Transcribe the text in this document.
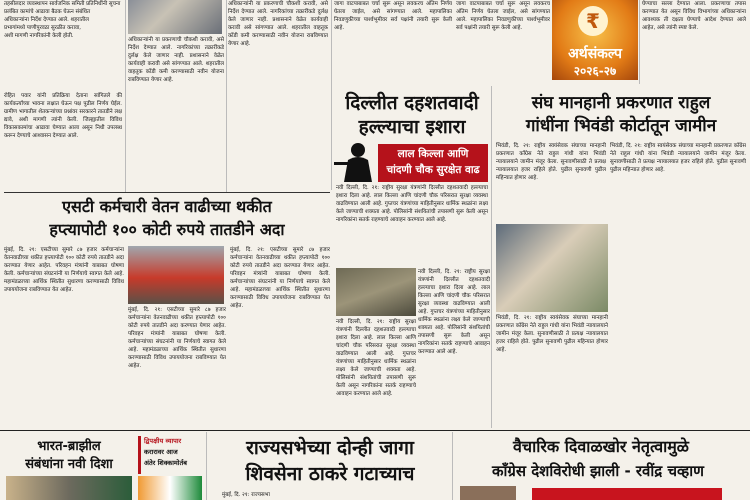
तहसीलदार व्यवस्थापन सार्वजनिक समिती प्रतिनिधींनी सूचना
प्रलंबित कामांचे आढावा बैठक घेऊन संबंधित
अधिकाऱ्यांना निर्देश देण्यात आले. शहरातील
प्रभागांमध्ये पाणीपुरवठा सुरळीत करावा,
अशी मागणी नागरिकांनी केली होती.
रोहित पवार यांनी प्रतिक्रिया देताना सांगितले की कार्यकर्त्यांच्या भावना लक्षात घेऊन पक्ष पुढील निर्णय घेईल. ग्रामीण भागातील शेतकऱ्यांच्या प्रश्नांवर सरकारने तातडीने लक्ष द्यावे, अशी मागणी त्यांनी केली. जिल्ह्यातील विविध विकासकामांचा आढावा घेण्यात आला असून निधी उपलब्ध करून देण्याचे आश्वासन देण्यात आले.
अधिकाऱ्यांनी या प्रकरणाची चौकशी करावी, असे निर्देश देण्यात आले. नागरिकांच्या तक्रारींकडे दुर्लक्ष केले जाणार नाही. प्रशासनाने वेळेत कार्यवाही करावी असे सांगण्यात आले. शहरातील वाहतूक कोंडी कमी करण्यासाठी नवीन योजना राबविण्यात येणार आहे.
अधिकाऱ्यांनी या प्रकरणाची चौकशी करावी, असे निर्देश देण्यात आले. नागरिकांच्या तक्रारींकडे दुर्लक्ष केले जाणार नाही. प्रशासनाने वेळेत कार्यवाही करावी असे सांगण्यात आले. शहरातील वाहतूक कोंडी कमी करण्यासाठी नवीन योजना राबविण्यात येणार आहे.
जागा वाटपाबाबत चर्चा सुरू असून लवकरच अंतिम निर्णय घेतला जाईल, असे सांगण्यात आले. महापालिका निवडणुकीच्या पार्श्वभूमीवर सर्व पक्षांनी तयारी सुरू केली आहे.
जागा वाटपाबाबत चर्चा सुरू असून लवकरच अंतिम निर्णय घेतला जाईल, असे सांगण्यात आले. महापालिका निवडणुकीच्या पार्श्वभूमीवर सर्व पक्षांनी तयारी सुरू केली आहे.	₹
अर्थसंकल्प
२०२६-२७
घेण्याचा सल्ला देण्यात आला. प्रकरणाचा तपास करण्यात येत असून विविध विभागांच्या अधिकाऱ्यांना आवश्यक ती दक्षता घेण्याचे आदेश देण्यात आले आहेत, असे त्यांनी स्पष्ट केले.
दिल्लीत दहशतवादी
हल्ल्याचा इशारा
लाल किल्ला आणि
चांदणी चौक सुरक्षेत वाढ
नवी दिल्ली, दि. २१: राष्ट्रीय सुरक्षा यंत्रणांनी दिल्लीत दहशतवादी हल्ल्याचा इशारा दिला आहे. लाल किल्ला आणि चांदणी चौक परिसरात सुरक्षा व्यवस्था वाढविण्यात आली आहे. गुप्तचर यंत्रणांच्या माहितीनुसार धार्मिक स्थळांना लक्ष्य केले जाण्याची शक्यता आहे. पोलिसांनी संशयितांची तपासणी सुरू केली असून नागरिकांना सतर्क राहण्याचे आवाहन करण्यात आले आहे.
नवी दिल्ली, दि. २१: राष्ट्रीय सुरक्षा यंत्रणांनी दिल्लीत दहशतवादी हल्ल्याचा इशारा दिला आहे. लाल किल्ला आणि चांदणी चौक परिसरात सुरक्षा व्यवस्था वाढविण्यात आली आहे. गुप्तचर यंत्रणांच्या माहितीनुसार धार्मिक स्थळांना लक्ष्य केले जाण्याची शक्यता आहे. पोलिसांनी संशयितांची तपासणी सुरू केली असून नागरिकांना सतर्क राहण्याचे आवाहन करण्यात आले आहे.
नवी दिल्ली, दि. २१: राष्ट्रीय सुरक्षा यंत्रणांनी दिल्लीत दहशतवादी हल्ल्याचा इशारा दिला आहे. लाल किल्ला आणि चांदणी चौक परिसरात सुरक्षा व्यवस्था वाढविण्यात आली आहे. गुप्तचर यंत्रणांच्या माहितीनुसार धार्मिक स्थळांना लक्ष्य केले जाण्याची शक्यता आहे. पोलिसांनी संशयितांची तपासणी सुरू केली असून नागरिकांना सतर्क राहण्याचे आवाहन करण्यात आले आहे.
संघ मानहानी प्रकरणात राहुल
गांधींना भिवंडी कोर्टातून जामीन
भिवंडी, दि. २१: राष्ट्रीय स्वयंसेवक संघाच्या मानहानी प्रकरणात काँग्रेस नेते राहुल गांधी यांना भिवंडी न्यायालयाने जामीन मंजूर केला. सुनावणीसाठी ते प्रत्यक्ष न्यायालयात हजर राहिले होते. पुढील सुनावणी पुढील महिन्यात होणार आहे.
भिवंडी, दि. २१: राष्ट्रीय स्वयंसेवक संघाच्या मानहानी प्रकरणात काँग्रेस नेते राहुल गांधी यांना भिवंडी न्यायालयाने जामीन मंजूर केला. सुनावणीसाठी ते प्रत्यक्ष न्यायालयात हजर राहिले होते. पुढील सुनावणी पुढील महिन्यात होणार आहे.
भिवंडी, दि. २१: राष्ट्रीय स्वयंसेवक संघाच्या मानहानी प्रकरणात काँग्रेस नेते राहुल गांधी यांना भिवंडी न्यायालयाने जामीन मंजूर केला. सुनावणीसाठी ते प्रत्यक्ष न्यायालयात हजर राहिले होते. पुढील सुनावणी पुढील महिन्यात होणार आहे.
एसटी कर्मचारी वेतन वाढीच्या थकीत
हप्त्यापोटी १०० कोटी रुपये तातडीने अदा
मुंबई, दि. २१: एसटीच्या सुमारे ८७ हजार कर्मचाऱ्यांना वेतनवाढीच्या थकीत हप्त्यापोटी १०० कोटी रुपये तातडीने अदा करण्यात येणार आहेत. परिवहन मंत्र्यांनी याबाबत घोषणा केली. कर्मचाऱ्यांच्या संघटनांनी या निर्णयाचे स्वागत केले आहे. महामंडळाच्या आर्थिक स्थितीत सुधारणा करण्यासाठी विविध उपाययोजना राबविण्यात येत आहेत.
मुंबई, दि. २१: एसटीच्या सुमारे ८७ हजार कर्मचाऱ्यांना वेतनवाढीच्या थकीत हप्त्यापोटी १०० कोटी रुपये तातडीने अदा करण्यात येणार आहेत. परिवहन मंत्र्यांनी याबाबत घोषणा केली. कर्मचाऱ्यांच्या संघटनांनी या निर्णयाचे स्वागत केले आहे. महामंडळाच्या आर्थिक स्थितीत सुधारणा करण्यासाठी विविध उपाययोजना राबविण्यात येत आहेत.
मुंबई, दि. २१: एसटीच्या सुमारे ८७ हजार कर्मचाऱ्यांना वेतनवाढीच्या थकीत हप्त्यापोटी १०० कोटी रुपये तातडीने अदा करण्यात येणार आहेत. परिवहन मंत्र्यांनी याबाबत घोषणा केली. कर्मचाऱ्यांच्या संघटनांनी या निर्णयाचे स्वागत केले आहे. महामंडळाच्या आर्थिक स्थितीत सुधारणा करण्यासाठी विविध उपाययोजना राबविण्यात येत आहेत.
भारत-ब्राझील
संबंधांना नवी दिशा
द्विपक्षीय व्यापार
करारावर आज
अंतेर शिक्कामोर्तब
राज्यसभेच्या दोन्ही जागा
शिवसेना ठाकरे गटाच्याच
मुंबई, दि. २१: राज्यसभा
वैचारिक दिवाळखोर नेतृत्वामुळे
काँग्रेस देशविरोधी झाली - रवींद्र चव्हाण
